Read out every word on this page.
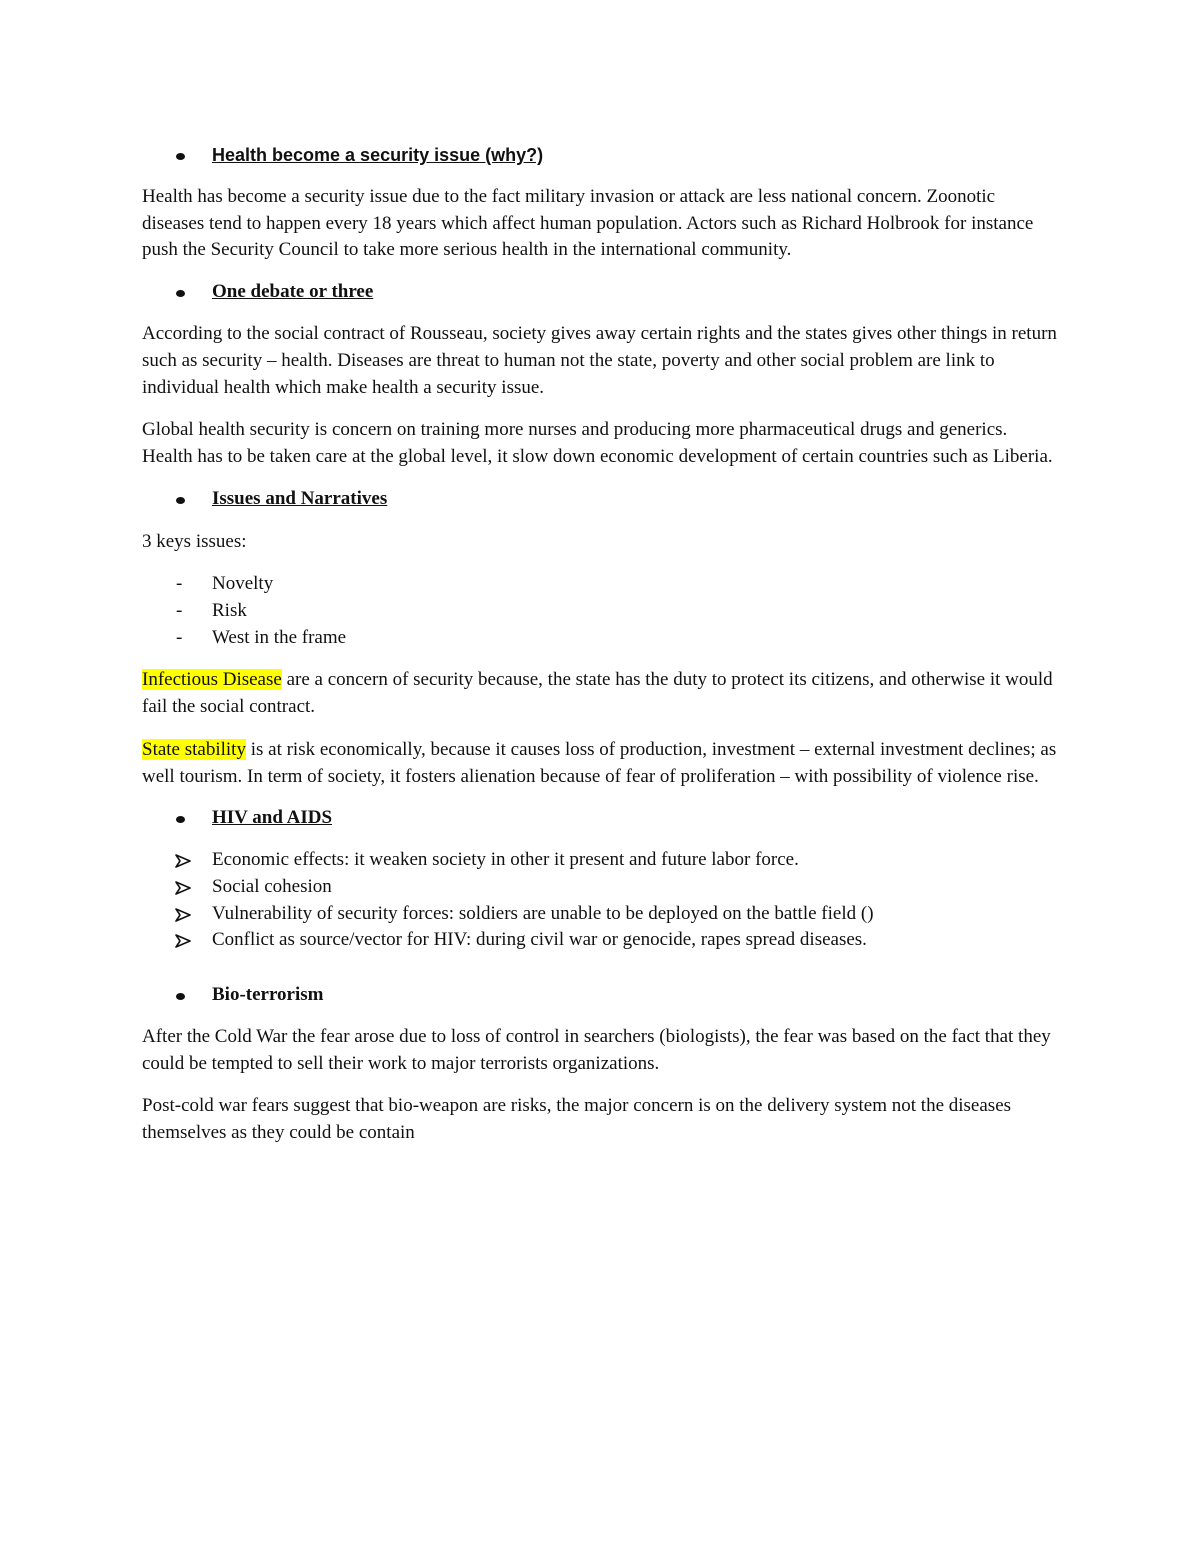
Health become a security issue (why?)

Health has become a security issue due to the fact military invasion or attack are less national concern. Zoonotic diseases tend to happen every 18 years which affect human population. Actors such as Richard Holbrook for instance push the Security Council to take more serious health in the international community.

One debate or three

According to the social contract of Rousseau, society gives away certain rights and the states gives other things in return such as security – health. Diseases are threat to human not the state, poverty and other social problem are link to individual health which make health a security issue.

Global health security is concern on training more nurses and producing more pharmaceutical drugs and generics. Health has to be taken care at the global level, it slow down economic development of certain countries such as Liberia.

Issues and Narratives

3 keys issues:

- Novelty
- Risk
- West in the frame

Infectious Disease are a concern of security because, the state has the duty to protect its citizens, and otherwise it would fail the social contract.

State stability is at risk economically, because it causes loss of production, investment – external investment declines; as well tourism. In term of society, it fosters alienation because of fear of proliferation – with possibility of violence rise.

HIV and AIDS
Economic effects: it weaken society in other it present and future labor force.
Social cohesion
Vulnerability of security forces: soldiers are unable to be deployed on the battle field ()
Conflict as source/vector for HIV: during civil war or genocide, rapes spread diseases.
Bio-terrorism

After the Cold War the fear arose due to loss of control in searchers (biologists), the fear was based on the fact that they could be tempted to sell their work to major terrorists organizations.

Post-cold war fears suggest that bio-weapon are risks, the major concern is on the delivery system not the diseases themselves as they could be contain
